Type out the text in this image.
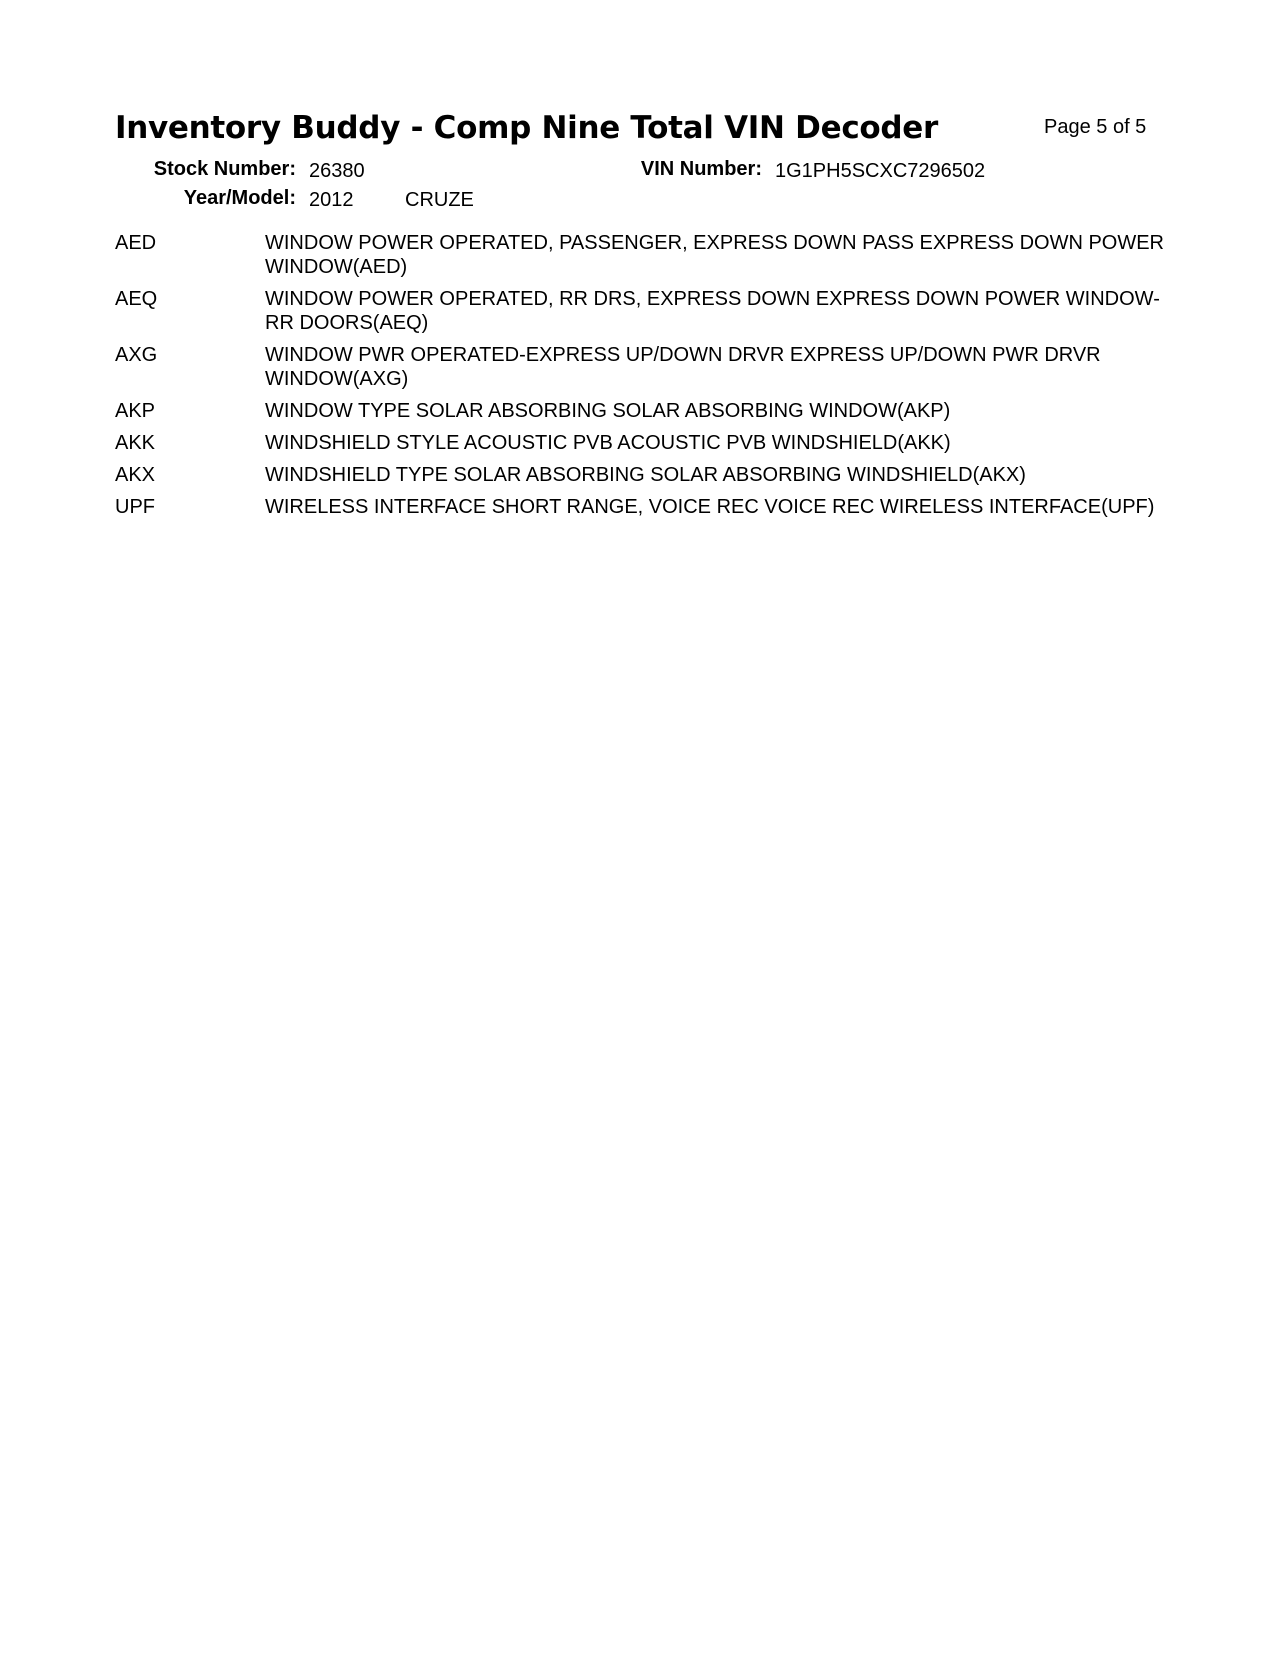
Inventory Buddy - Comp Nine Total VIN Decoder	Page 5 of 5
Stock Number: 26380	VIN Number: 1G1PH5SCXC7296502
Year/Model: 2012	CRUZE
AED	WINDOW POWER OPERATED, PASSENGER, EXPRESS DOWN PASS EXPRESS DOWN POWER WINDOW(AED)
AEQ	WINDOW POWER OPERATED, RR DRS, EXPRESS DOWN EXPRESS DOWN POWER WINDOW-RR DOORS(AEQ)
AXG	WINDOW PWR OPERATED-EXPRESS UP/DOWN DRVR EXPRESS UP/DOWN PWR DRVR WINDOW(AXG)
AKP	WINDOW TYPE SOLAR ABSORBING SOLAR ABSORBING WINDOW(AKP)
AKK	WINDSHIELD STYLE ACOUSTIC PVB ACOUSTIC PVB WINDSHIELD(AKK)
AKX	WINDSHIELD TYPE SOLAR ABSORBING SOLAR ABSORBING WINDSHIELD(AKX)
UPF	WIRELESS INTERFACE SHORT RANGE, VOICE REC VOICE REC WIRELESS INTERFACE(UPF)
